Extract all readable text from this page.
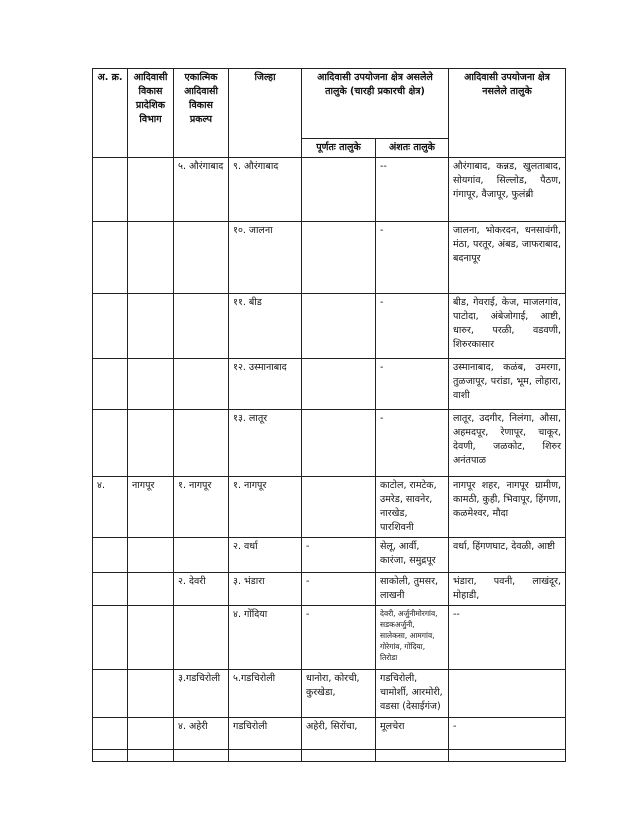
अ. क्र.	आदिवासी विकास प्रादेशिक विभाग	एकात्मिक आदिवासी विकास प्रकल्प	जिल्हा	आदिवासी उपयोजना क्षेत्र असलेले तालुके (चारही प्रकारची क्षेत्र)		आदिवासी उपयोजना क्षेत्र नसलेले तालुके
				पूर्णतः तालुके	अंशतः तालुके	
		५. औरंगाबाद	९. औरंगाबाद		--	औरंगाबाद, कन्नड, खुलताबाद, सोयगांव, सिल्लोड, पैठण, गंगापूर, वैजापूर, फुलंब्री
			१०. जालना		-	जालना, भोकरदन, धनसावंगी, मंठा, परतूर, अंबड, जाफराबाद, बदनापूर
			११. बीड		-	बीड, गेवराई, केज, माजलगांव, पाटोदा, अंबेजोगाई, आष्टी, धारुर, परळी, वडवणी, शिरुरकासार
			१२. उस्मानाबाद		-	उस्मानाबाद, कळंब, उमरगा, तुळजापूर, परांडा, भूम, लोहारा, वाशी
			१३. लातूर		-	लातूर, उदगीर, निलंगा, औसा, अहमदपूर, रेणापूर, चाकूर, देवणी, जळकोट, शिरुर अनंतपाळ
४.	नागपूर	१. नागपूर	१. नागपूर		काटोल, रामटेक, उमरेड, सावनेर, नारखेड, पारशिवनी	नागपूर शहर, नागपूर ग्रामीण, कामठी, कुही, भिवापूर, हिंगणा, कळमेश्वर, मौदा
			२. वर्धा	-	सेलू, आर्वी, कारंजा, समुद्रपूर	वर्धा, हिंगणघाट, देवळी, आष्टी
		२. देवरी	३. भंडारा	-	साकोली, तुमसर, लाखनी	भंडारा, पवनी, लाखंदूर, मोहाडी,
			४. गोंदिया	-	देवरी, अर्जुनीमोरगांव, सडकअर्जुनी, सालेकसा, आमगांव, गोरेगांव, गोंदिया, तिरोडा	--
		३.गडचिरोली	५.गडचिरोली	धानोरा, कोरची, कुरखेडा,	गडचिरोली, चामोर्शी, आरमोरी, वडसा (देसाईगंज)	
		४. अहेरी	गडचिरोली	अहेरी, सिरोंचा,	मूलचेरा	-
